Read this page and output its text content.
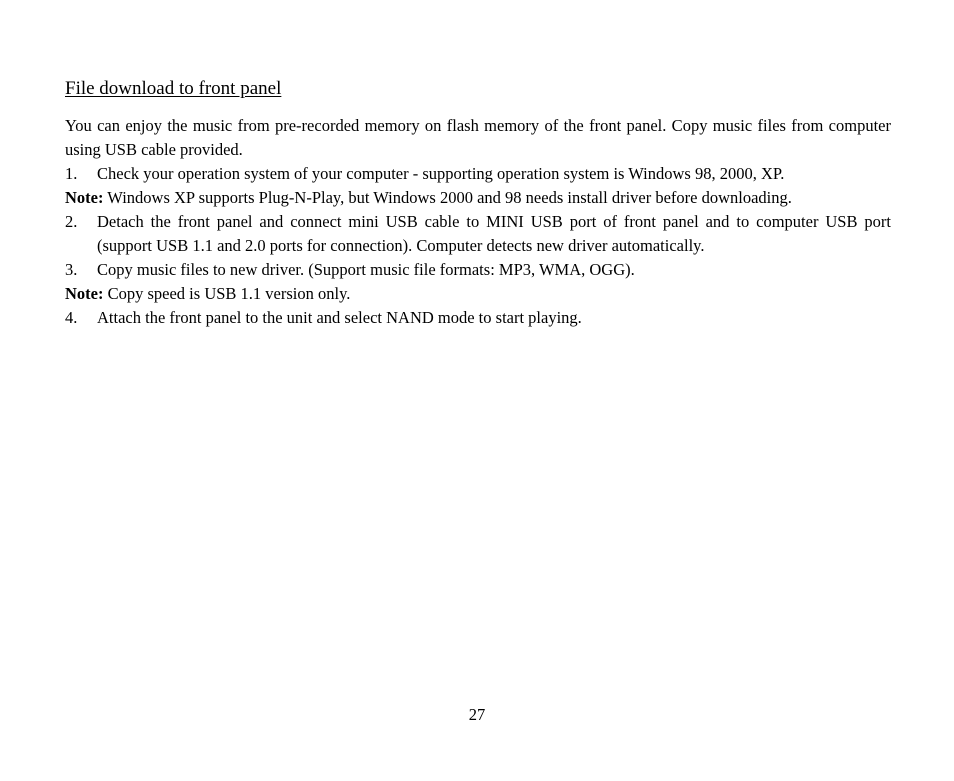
File download to front panel
You can enjoy the music from pre-recorded memory on flash memory of the front panel. Copy music files from computer using USB cable provided.
1.	Check your operation system of your computer - supporting operation system is Windows 98, 2000, XP.
Note: Windows XP supports Plug-N-Play, but Windows 2000 and 98 needs install driver before downloading.
2.	Detach the front panel and connect mini USB cable to MINI USB port of front panel and to computer USB port (support USB 1.1 and 2.0 ports for connection). Computer detects new driver automatically.
3.	Copy music files to new driver. (Support music file formats: MP3, WMA, OGG).
Note: Copy speed is USB 1.1 version only.
4.	Attach the front panel to the unit and select NAND mode to start playing.
27
